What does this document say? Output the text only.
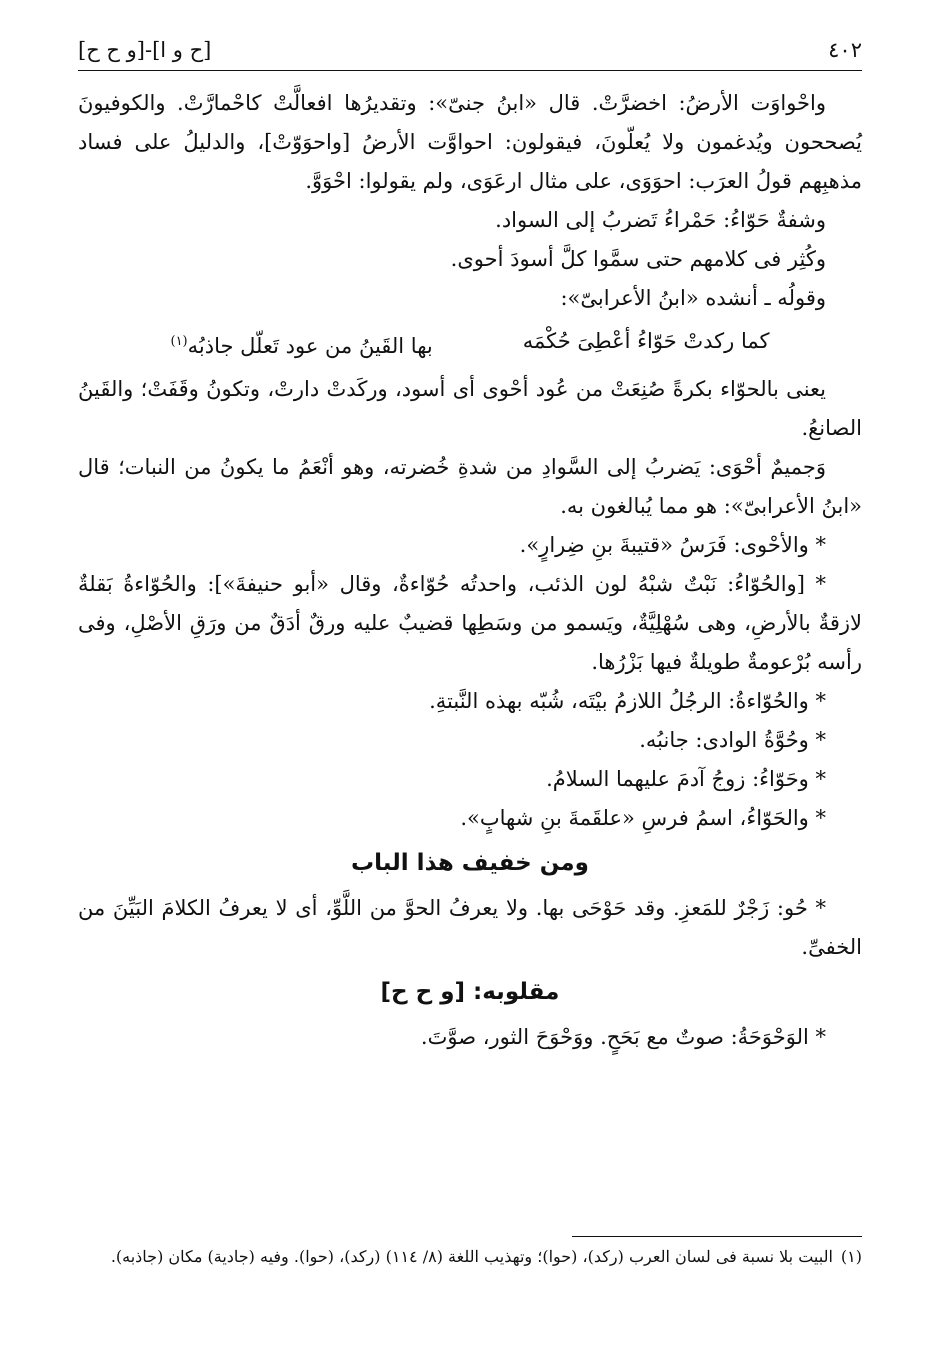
٤٠٢
[ح و ا]-[و ح ح]

واحْواوَت الأرضُ: اخضرَّتْ. قال «ابنُ جنىّ»: وتقديرُها افعالَّتْ كاحْمارَّتْ. والكوفيونَ يُصححون ويُدغمون ولا يُعلّونَ، فيقولون: احواوَّت الأرضُ [واحوَوّتْ]، والدليلُ على فساد مذهبِهم قولُ العرَب: احوَوَى، على مثال ارعَوَى، ولم يقولوا: احْوَوَّ.

وشفةٌ حَوّاءُ: حَمْراءُ تَضربُ إلى السواد.

وكُثِر فى كلامهم حتى سمَّوا كلَّ أسودَ أحوى.

وقولُه ـ أنشده «ابنُ الأعرابىّ»:

كما ركدتْ حَوّاءُ أعْطِىَ حُكْمَه
بها القَينُ من عود تَعلّل جاذبُه$^{(١)}$

يعنى بالحوّاء بكرةً صُنِعَتْ من عُود أحْوى أى أسود، وركَدتْ دارتْ، وتكونُ وقَفَتْ؛ والقَينُ الصانعُ.

وَجميمٌ أحْوَى: يَضربُ إلى السَّوادِ من شدةِ خُضرته، وهو أنْعَمُ ما يكونُ من النبات؛ قال «ابنُ الأعرابىّ»: هو مما يُبالغون به.

* والأحْوى: فَرَسُ «قتيبةَ بنِ ضِرارٍ».

* [والحُوّاءُ: نَبْتٌ شبْهُ لون الذئب، واحدتُه حُوّاءةٌ، وقال «أبو حنيفةَ»]: والحُوّاءةُ بَقلةٌ لازقةٌ بالأرضِ، وهى سُهْلِيَّةٌ، ويَسمو من وسَطِها قضيبٌ عليه ورقٌ أدَقٌ من ورَقِ الأصْلِ، وفى رأسه بُرْعومةٌ طويلةٌ فيها بَزْرُها.

* والحُوّاءةُ: الرجُلُ اللازمُ بيْتَه، شُبّه بهذه النَّبتةِ.

* وحُوَّةُ الوادى: جانبُه.

* وحَوّاءُ: زوجُ آدمَ عليهما السلامُ.

* والحَوّاءُ، اسمُ فرسِ «علقَمةَ بنِ شهابٍ».

ومن خفيف هذا الباب

* حُو: زَجْرٌ للمَعزِ. وقد حَوْحَى بها. ولا يعرفُ الحوَّ من اللَّوِّ، أى لا يعرفُ الكلامَ البَيِّنَ من الخفىِّ.

مقلوبه: [و ح ح]

* الوَحْوَحَةُ: صوتٌ مع بَحَحٍ. ووَحْوَحَ الثور، صوَّتَ.

(١)
البيت بلا نسبة فى لسان العرب (ركد)، (حوا)؛ وتهذيب اللغة (٨/ ١١٤) (ركد)، (حوا). وفيه (جادية) مكان (جاذبه).
